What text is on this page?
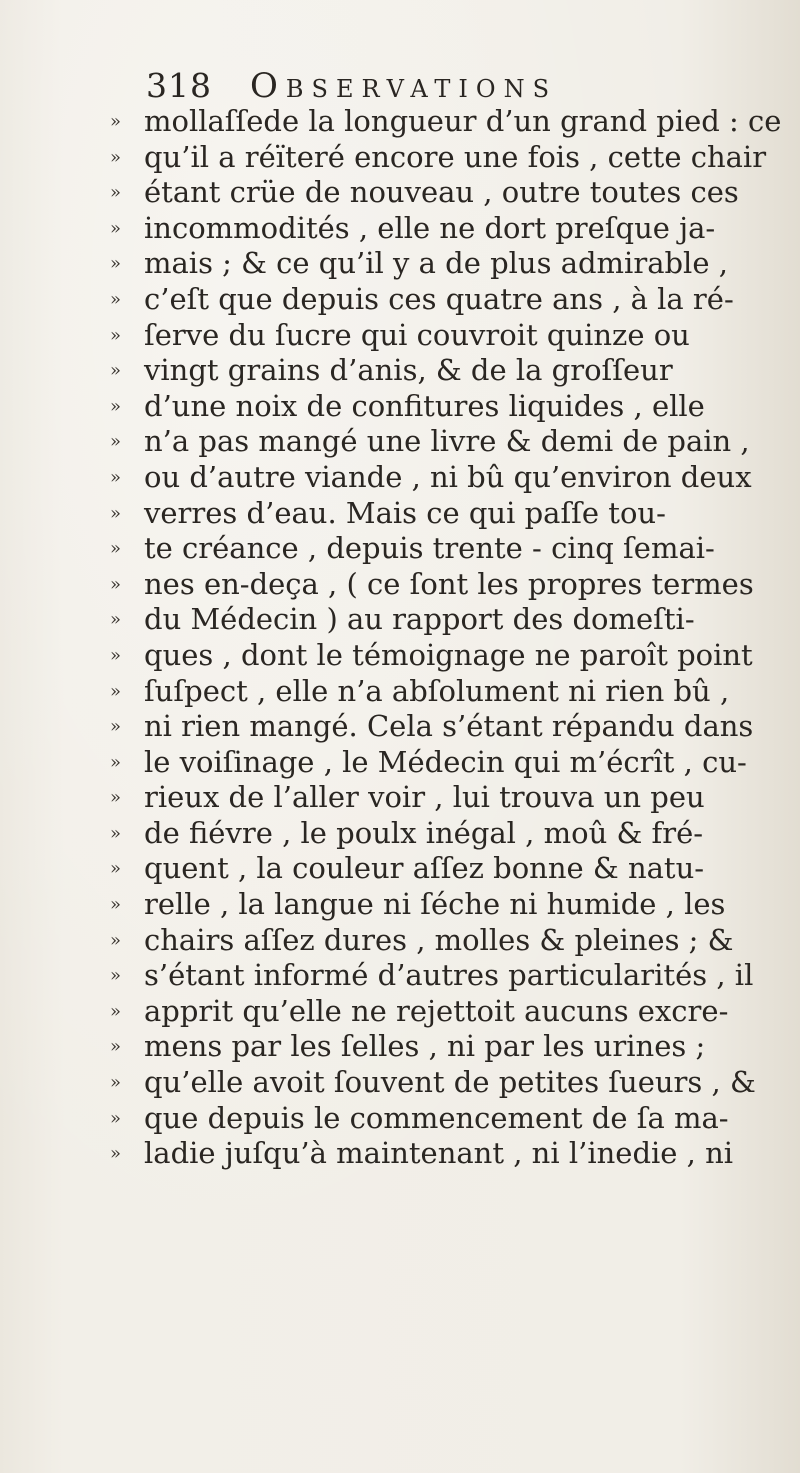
318 Observations
» mollaſſede la longueur d’un grand pied : ce
» qu’il a réïteré encore une fois , cette chair
» étant crüe de nouveau , outre toutes ces
» incommodités , elle ne dort preſque ja-
» mais ; & ce qu’il y a de plus admirable ,
» c’eſt que depuis ces quatre ans , à la ré-
» ſerve du ſucre qui couvroit quinze ou
» vingt grains d’anis, & de la groſſeur
» d’une noix de confitures liquides , elle
» n’a pas mangé une livre & demi de pain ,
» ou d’autre viande , ni bû qu’environ deux
» verres d’eau. Mais ce qui paſſe tou-
» te créance , depuis trente - cinq ſemai-
» nes en-deça , ( ce ſont les propres termes
» du Médecin ) au rapport des domeſti-
» ques , dont le témoignage ne paroît point
» ſuſpect , elle n’a abſolument ni rien bû ,
» ni rien mangé. Cela s’étant répandu dans
» le voiſinage , le Médecin qui m’écrît , cu-
» rieux de l’aller voir , lui trouva un peu
» de fiévre , le poulx inégal , moû & fré-
» quent , la couleur aſſez bonne & natu-
» relle , la langue ni ſéche ni humide , les
» chairs aſſez dures , molles & pleines ; &
» s’étant informé d’autres particularités , il
» apprit qu’elle ne rejettoit aucuns excre-
» mens par les ſelles , ni par les urines ;
» qu’elle avoit ſouvent de petites ſueurs , &
» que depuis le commencement de ſa ma-
» ladie juſqu’à maintenant , ni l’inedie , ni
